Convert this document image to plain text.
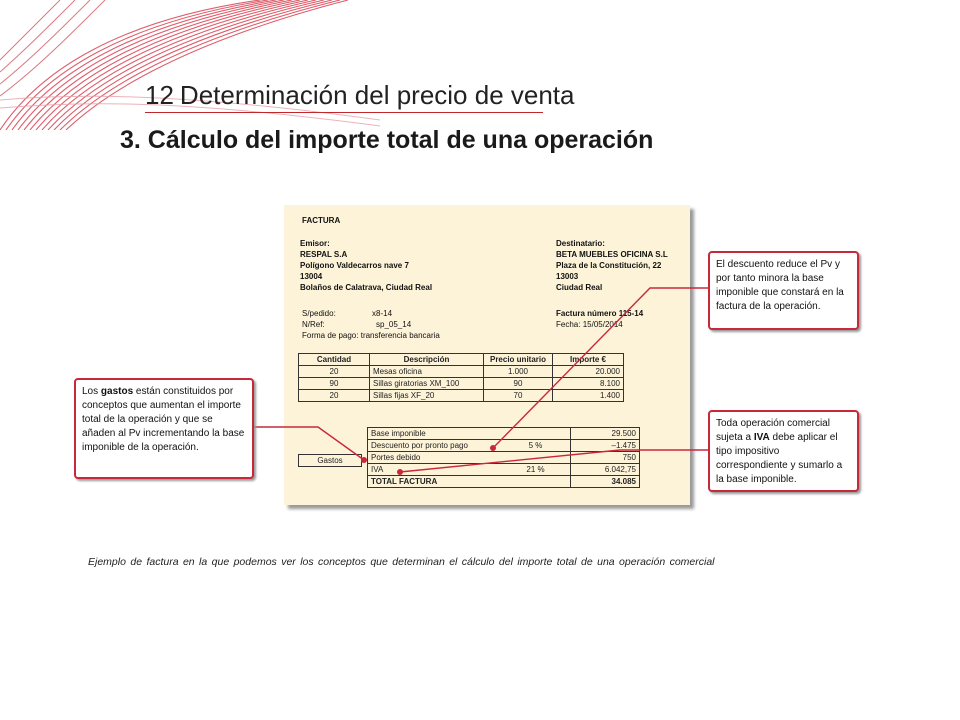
12 Determinación del precio de venta
3. Cálculo del importe total de una operación
FACTURA
Emisor:
RESPAL S.A
Polígono Valdecarros nave 7
13004
Bolaños de Calatrava, Ciudad Real
Destinatario:
BETA MUEBLES OFICINA S.L
Plaza de la Constitución, 22
13003
Ciudad Real
S/pedido:	x8-14
N/Ref:	sp_05_14
Forma de pago: transferencia bancaria
Factura número 115-14
Fecha: 15/05/2014
Cantidad	Descripción	Precio unitario	Importe €
20	Mesas oficina	1.000	20.000
90	Sillas giratorias XM_100	90	8.100
20	Sillas fijas XF_20	70	1.400
Gastos
Base imponible		29.500
Descuento por pronto pago	5 %	–1.475
Portes debido		750
IVA	21 %	6.042,75
TOTAL FACTURA		34.085
Los gastos están constituidos por conceptos que aumentan el importe total de la operación y que se añaden al Pv incrementando la base imponible de la operación.
El descuento reduce el Pv y por tanto minora la base imponible que constará en la factura de la operación.
Toda operación comercial sujeta a IVA debe aplicar el tipo impositivo correspondiente y sumarlo a la base imponible.
Ejemplo de factura en la que podemos ver los conceptos que determinan el cálculo del importe total de una operación comercial
